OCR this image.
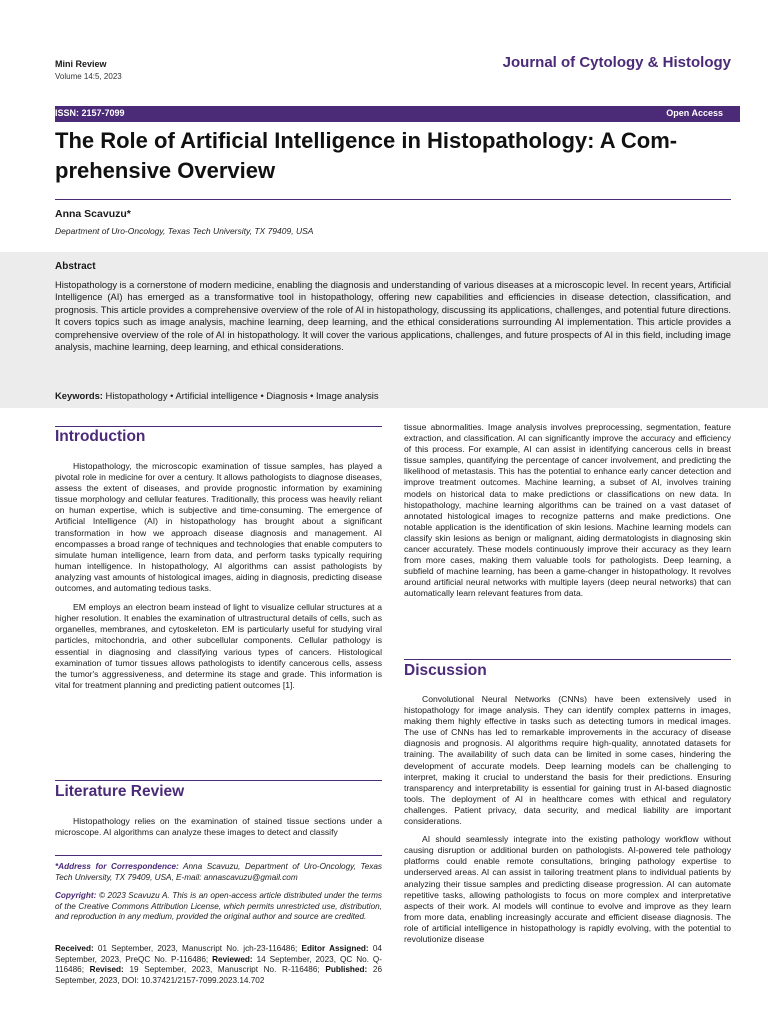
Mini Review
Volume 14:5, 2023
Journal of Cytology & Histology
ISSN: 2157-7099	Open Access
The Role of Artificial Intelligence in Histopathology: A Com-
prehensive Overview
Anna Scavuzu*
Department of Uro-Oncology, Texas Tech University, TX 79409, USA
Abstract
Histopathology is a cornerstone of modern medicine, enabling the diagnosis and understanding of various diseases at a microscopic level. In recent years, Artificial Intelligence (AI) has emerged as a transformative tool in histopathology, offering new capabilities and efficiencies in disease detection, classification, and prognosis. This article provides a comprehensive overview of the role of AI in histopathology, discussing its applications, challenges, and potential future directions. It covers topics such as image analysis, machine learning, deep learning, and the ethical considerations surrounding AI implementation. This article provides a comprehensive overview of the role of AI in histopathology. It will cover the various applications, challenges, and future prospects of AI in this field, including image analysis, machine learning, deep learning, and ethical considerations.
Keywords: Histopathology • Artificial intelligence • Diagnosis • Image analysis
Introduction

Histopathology, the microscopic examination of tissue samples, has played a pivotal role in medicine for over a century. It allows pathologists to diagnose diseases, assess the extent of diseases, and provide prognostic information by examining tissue morphology and cellular features. Traditionally, this process was heavily reliant on human expertise, which is subjective and time-consuming. The emergence of Artificial Intelligence (AI) in histopathology has brought about a significant transformation in how we approach disease diagnosis and management. AI encompasses a broad range of techniques and technologies that enable computers to simulate human intelligence, learn from data, and perform tasks typically requiring human intelligence. In histopathology, AI algorithms can assist pathologists by analyzing vast amounts of histological images, aiding in diagnosis, predicting disease outcomes, and automating tedious tasks.

EM employs an electron beam instead of light to visualize cellular structures at a higher resolution. It enables the examination of ultrastructural details of cells, such as organelles, membranes, and cytoskeleton. EM is particularly useful for studying viral particles, mitochondria, and other subcellular components. Cellular pathology is essential in diagnosing and classifying various types of cancers. Histological examination of tumor tissues allows pathologists to identify cancerous cells, assess the tumor's aggressiveness, and determine its stage and grade. This information is vital for treatment planning and predicting patient outcomes [1].

Literature Review

Histopathology relies on the examination of stained tissue sections under a microscope. AI algorithms can analyze these images to detect and classify

*Address for Correspondence: Anna Scavuzu, Department of Uro-Oncology, Texas Tech University, TX 79409, USA, E-mail: annascavuzu@gmail.com
Copyright: © 2023 Scavuzu A. This is an open-access article distributed under the terms of the Creative Commons Attribution License, which permits unrestricted use, distribution, and reproduction in any medium, provided the original author and source are credited.
Received: 01 September, 2023, Manuscript No. jch-23-116486; Editor Assigned: 04 September, 2023, PreQC No. P-116486; Reviewed: 14 September, 2023, QC No. Q-116486; Revised: 19 September, 2023, Manuscript No. R-116486; Published: 26 September, 2023, DOI: 10.37421/2157-7099.2023.14.702

tissue abnormalities. Image analysis involves preprocessing, segmentation, feature extraction, and classification. AI can significantly improve the accuracy and efficiency of this process. For example, AI can assist in identifying cancerous cells in breast tissue samples, quantifying the percentage of cancer involvement, and predicting the likelihood of metastasis. This has the potential to enhance early cancer detection and improve treatment outcomes. Machine learning, a subset of AI, involves training models on historical data to make predictions or classifications on new data. In histopathology, machine learning algorithms can be trained on a vast dataset of annotated histological images to recognize patterns and make predictions. One notable application is the identification of skin lesions. Machine learning models can classify skin lesions as benign or malignant, aiding dermatologists in diagnosing skin cancer accurately. These models continuously improve their accuracy as they learn from more cases, making them valuable tools for pathologists. Deep learning, a subfield of machine learning, has been a game-changer in histopathology. It revolves around artificial neural networks with multiple layers (deep neural networks) that can automatically learn relevant features from data.

Discussion

Convolutional Neural Networks (CNNs) have been extensively used in histopathology for image analysis. They can identify complex patterns in images, making them highly effective in tasks such as detecting tumors in medical images. The use of CNNs has led to remarkable improvements in the accuracy of disease diagnosis and prognosis. AI algorithms require high-quality, annotated datasets for training. The availability of such data can be limited in some cases, hindering the development of accurate models. Deep learning models can be challenging to interpret, making it crucial to understand the basis for their predictions. Ensuring transparency and interpretability is essential for gaining trust in AI-based diagnostic tools. The deployment of AI in healthcare comes with ethical and regulatory challenges. Patient privacy, data security, and medical liability are important considerations.

AI should seamlessly integrate into the existing pathology workflow without causing disruption or additional burden on pathologists. AI-powered tele pathology platforms could enable remote consultations, bringing pathology expertise to underserved areas. AI can assist in tailoring treatment plans to individual patients by analyzing their tissue samples and predicting disease progression. AI can automate repetitive tasks, allowing pathologists to focus on more complex and interpretative aspects of their work. AI models will continue to evolve and improve as they learn from more data, enabling increasingly accurate and efficient disease diagnosis. The role of artificial intelligence in histopathology is rapidly evolving, with the potential to revolutionize disease
